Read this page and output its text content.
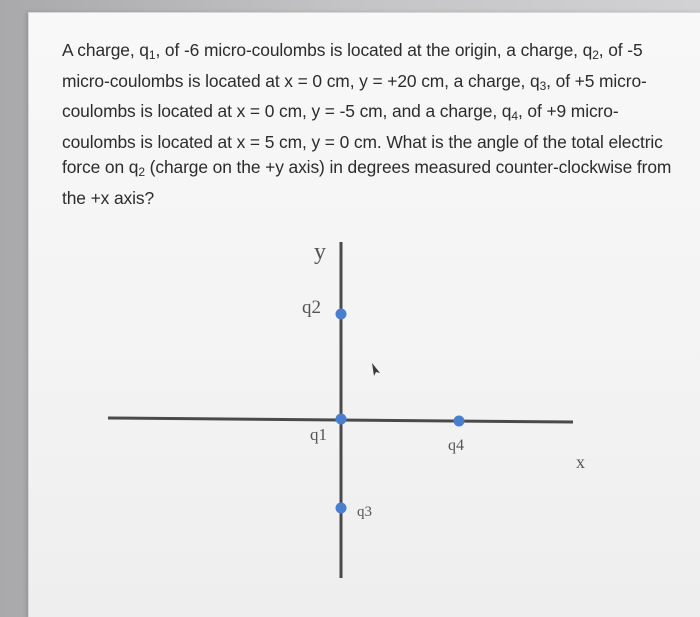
A charge, $q_1$, of -6 micro-coulombs is located at the origin, a charge, $q_2$, of -5 micro-coulombs is located at x = 0 cm, y = +20 cm, a charge, $q_3$, of +5 micro-coulombs is located at x = 0 cm, y = -5 cm, and a charge, $q_4$, of +9 micro-coulombs is located at x = 5 cm, y = 0 cm. What is the angle of the total electric force on $q_2$ (charge on the +y axis) in degrees measured counter-clockwise from the +x axis?

y
x
q2
q1
q4
q3
